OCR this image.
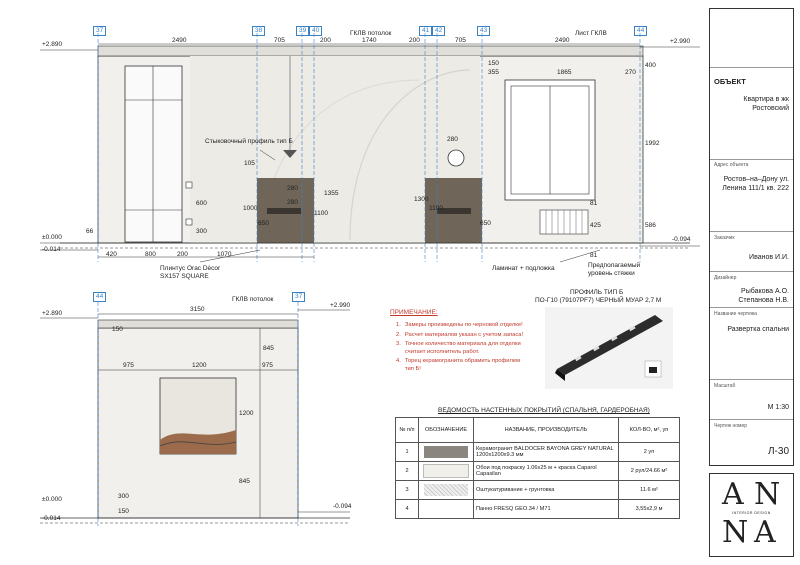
37	38	39 40	41 42	43	44
ГКЛВ потолок	Лист ГКЛВ
2490	705	200	1740	200	705	2490
150
355	1865	270
400
1000
600
300
105
1355
1100
280
280
650
1300
1100
280
650
1992
425
81
586
81
66
420	800	200	1070
+2.890	+2.990
±0.000
-0.014
-0.094
Стыковочный профиль тип Б
Плинтус Orac Décor
SX157 SQUARE
Ламинат + подложка	Предполагаемый
уровень стяжки
44	37
ГКЛВ потолок
3150
150
975	1200	975
845
1200
845
300
150
+2.890
+2.990
±0.000
-0.014
-0.094
ПРИМЕЧАНИЕ:
1. Замеры произведены по черновой отделке!
2. Расчет материалов указан с учетом запаса!
3. Точное количество материала для отделки считает исполнитель работ.
4. Торец керамогранита обрамить профилем тип Б!
ПРОФИЛЬ ТИП Б
ПО-Г10 (79107РF7) ЧЕРНЫЙ МУАР 2,7 М
ВЕДОМОСТЬ НАСТЕННЫХ ПОКРЫТИЙ (СПАЛЬНЯ, ГАРДЕРОБНАЯ)
№ п/п	ОБОЗНАЧЕНИЕ	НАЗВАНИЕ, ПРОИЗВОДИТЕЛЬ	КОЛ-ВО, м², уп
1		Керамогранит BALDOCER BAYONA GREY NATURAL 1200х1200х9.3 мм	2 уп
2		Обои под покраску 1.06х25 м + краска Caparol Capasilan	2 рул/24.66 м²
3		Оштукатуривание + грунтовка	11.6 м²
4		Панно FRESQ GEO.34 / M71	3,55х2,9 м
ОБЪЕКТ
Квартира в жк Ростовский
Адрес объекта
Ростов–на–Дону ул. Ленина 111/1 кв. 222
Заказчик
Иванов И.И.
Дизайнер
Рыбакова А.О. Степанова Н.В.
Название чертежа
Развертка спальни
Масштаб
М 1:30
Чертеж номер
Л-30
A N
N A
INTERIOR DESIGN
